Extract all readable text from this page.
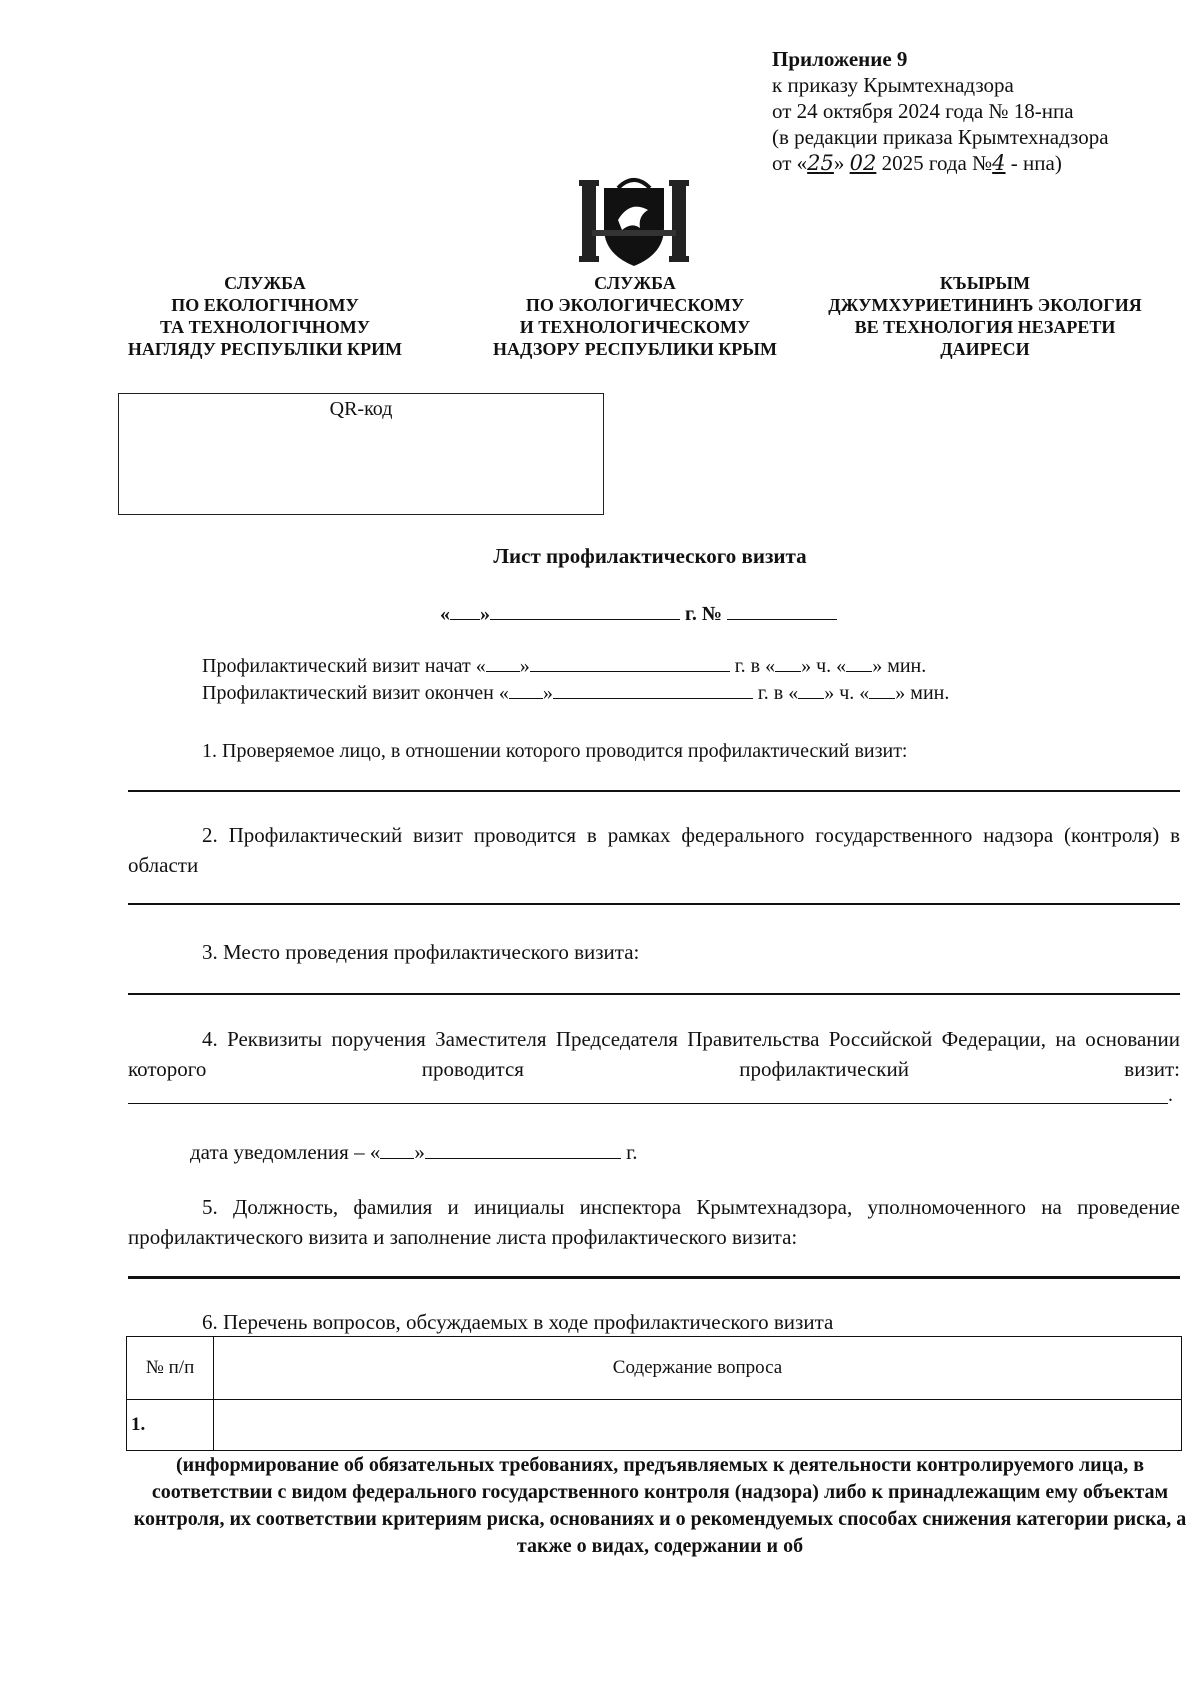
Приложение 9
к приказу Крымтехнадзора
от 24 октября 2024 года № 18-нпа
(в редакции приказа Крымтехнадзора
от «25» 02 2025 года №4 - нпа)
СЛУЖБА
ПО ЕКОЛОГІЧНОМУ
ТА ТЕХНОЛОГІЧНОМУ
НАГЛЯДУ РЕСПУБЛІКИ КРИМ
СЛУЖБА
ПО ЭКОЛОГИЧЕСКОМУ
И ТЕХНОЛОГИЧЕСКОМУ
НАДЗОРУ РЕСПУБЛИКИ КРЫМ
КЪЫРЫМ
ДЖУМХУРИЕТИНИНЪ ЭКОЛОГИЯ
ВЕ ТЕХНОЛОГИЯ НЕЗАРЕТИ
ДАИРЕСИ
QR-код
Лист профилактического визита
« »	г. №
Профилактический визит начат « »	г. в « » ч. « » мин.
Профилактический визит окончен « »	г. в « » ч. « » мин.
1. Проверяемое лицо, в отношении которого проводится профилактический визит:
2. Профилактический визит проводится в рамках федерального государственного надзора (контроля) в области
3. Место проведения профилактического визита:
4. Реквизиты поручения Заместителя Председателя Правительства Российской Федерации, на основании которого проводится профилактический визит:
.
дата уведомления – « »	г.
5. Должность, фамилия и инициалы инспектора Крымтехнадзора, уполномоченного на проведение профилактического визита и заполнение листа профилактического визита:
6. Перечень вопросов, обсуждаемых в ходе профилактического визита
№ п/п	Содержание вопроса
1.	
(информирование об обязательных требованиях, предъявляемых к деятельности контролируемого лица, в соответствии с видом федерального государственного контроля (надзора) либо к принадлежащим ему объектам контроля, их соответствии критериям риска, основаниях и о рекомендуемых способах снижения категории риска, а также о видах, содержании и об
